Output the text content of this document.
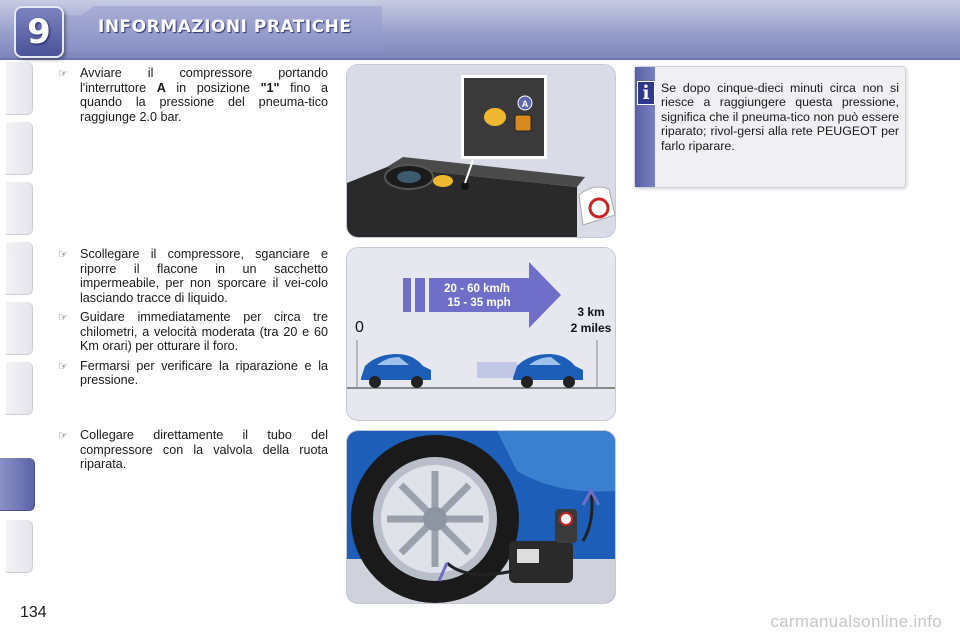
9	INFORMAZIONI PRATICHE
☞ Avviare il compressore portando l'interruttore A in posizione "1" fino a quando la pressione del pneuma-tico raggiunge 2.0 bar.
☞ Scollegare il compressore, sganciare e riporre il flacone in un sacchetto impermeabile, per non sporcare il vei-colo lasciando tracce di liquido.
☞ Guidare immediatamente per circa tre chilometri, a velocità moderata (tra 20 e 60 Km orari) per otturare il foro.
☞ Fermarsi per verificare la riparazione e la pressione.
☞ Collegare direttamente il tubo del compressore con la valvola della ruota riparata.
A
20 - 60 km/h
15 - 35 mph
0
3 km
2 miles
i Se dopo cinque-dieci minuti circa non si riesce a raggiungere questa pressione, significa che il pneuma-tico non può essere riparato; rivol-gersi alla rete PEUGEOT per farlo riparare.
134	carmanualsonline.info
